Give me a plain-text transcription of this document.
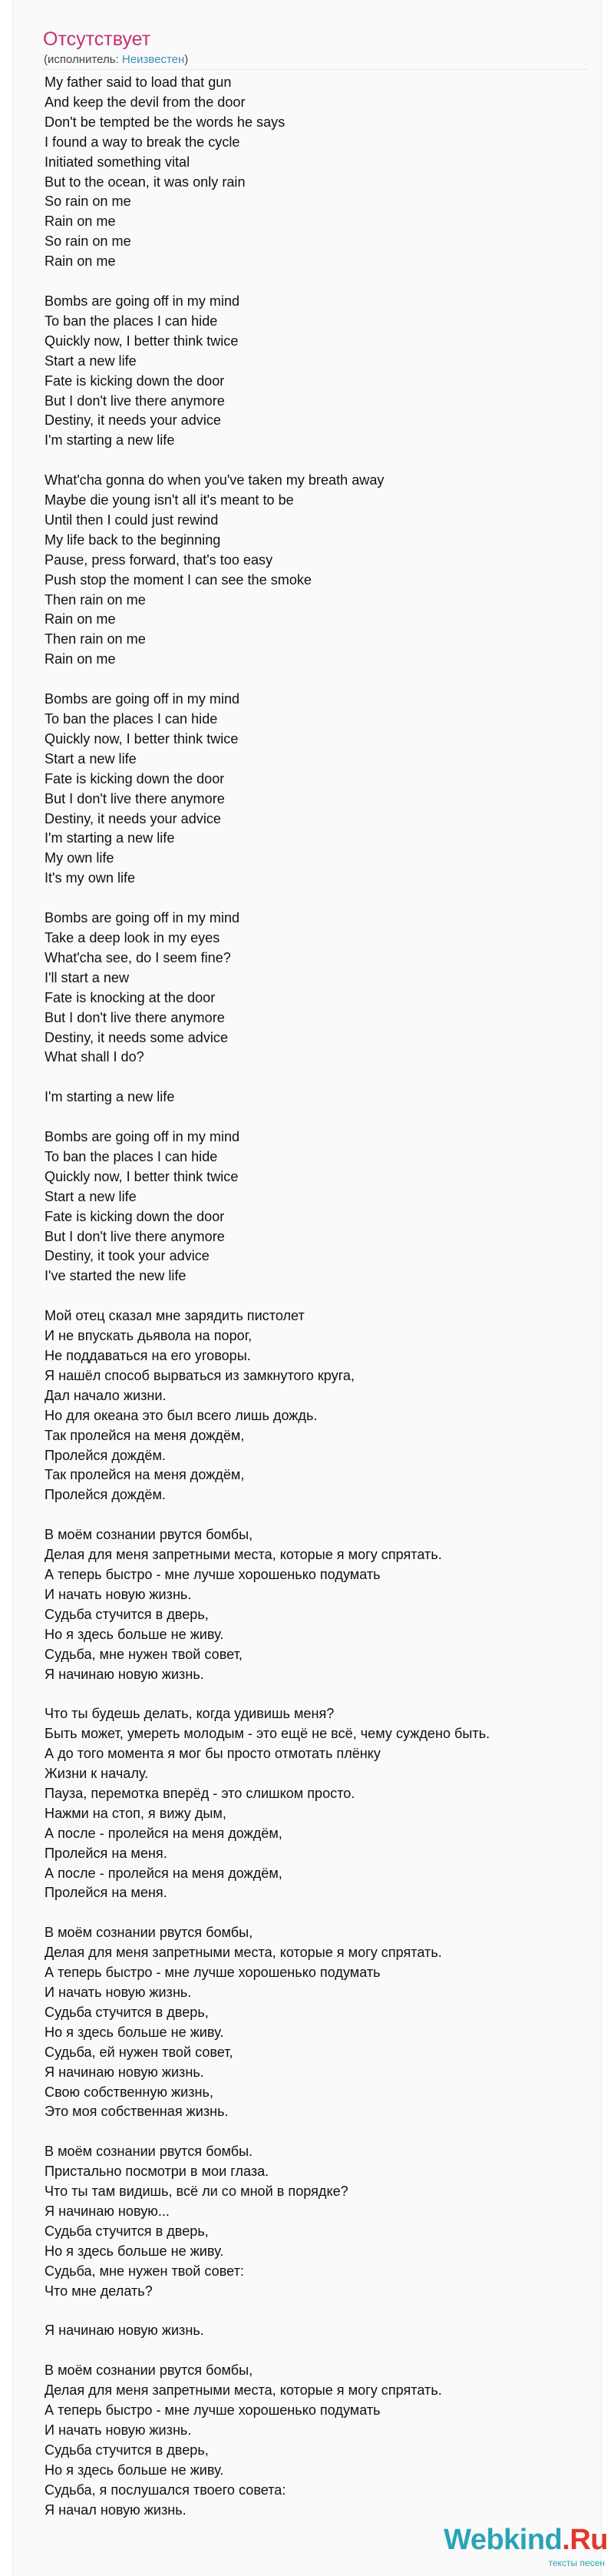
Отсутствует
(исполнитель: Неизвестен)
My father said to load that gun
And keep the devil from the door
Don't be tempted be the words he says
I found a way to break the cycle
Initiated something vital
But to the ocean, it was only rain
So rain on me
Rain on me
So rain on me
Rain on me

Bombs are going off in my mind
To ban the places I can hide
Quickly now, I better think twice
Start a new life
Fate is kicking down the door
But I don't live there anymore
Destiny, it needs your advice
I'm starting a new life

What'cha gonna do when you've taken my breath away
Maybe die young isn't all it's meant to be
Until then I could just rewind
My life back to the beginning
Pause, press forward, that's too easy
Push stop the moment I can see the smoke
Then rain on me
Rain on me
Then rain on me
Rain on me

Bombs are going off in my mind
To ban the places I can hide
Quickly now, I better think twice
Start a new life
Fate is kicking down the door
But I don't live there anymore
Destiny, it needs your advice
I'm starting a new life
My own life
It's my own life

Bombs are going off in my mind
Take a deep look in my eyes
What'cha see, do I seem fine?
I'll start a new
Fate is knocking at the door
But I don't live there anymore
Destiny, it needs some advice
What shall I do?

I'm starting a new life

Bombs are going off in my mind
To ban the places I can hide
Quickly now, I better think twice
Start a new life
Fate is kicking down the door
But I don't live there anymore
Destiny, it took your advice
I've started the new life

Мой отец сказал мне зарядить пистолет
И не впускать дьявола на порог,
Не поддаваться на его уговоры.
Я нашёл способ вырваться из замкнутого круга,
Дал начало жизни.
Но для океана это был всего лишь дождь.
Так пролейся на меня дождём,
Пролейся дождём.
Так пролейся на меня дождём,
Пролейся дождём.

В моём сознании рвутся бомбы,
Делая для меня запретными места, которые я могу спрятать.
А теперь быстро - мне лучше хорошенько подумать
И начать новую жизнь.
Судьба стучится в дверь,
Но я здесь больше не живу.
Судьба, мне нужен твой совет,
Я начинаю новую жизнь.

Что ты будешь делать, когда удивишь меня?
Быть может, умереть молодым - это ещё не всё, чему суждено быть.
А до того момента я мог бы просто отмотать плёнку
Жизни к началу.
Пауза, перемотка вперёд - это слишком просто.
Нажми на стоп, я вижу дым,
А после - пролейся на меня дождём,
Пролейся на меня.
А после - пролейся на меня дождём,
Пролейся на меня.

В моём сознании рвутся бомбы,
Делая для меня запретными места, которые я могу спрятать.
А теперь быстро - мне лучше хорошенько подумать
И начать новую жизнь.
Судьба стучится в дверь,
Но я здесь больше не живу.
Судьба, ей нужен твой совет,
Я начинаю новую жизнь.
Свою собственную жизнь,
Это моя собственная жизнь.

В моём сознании рвутся бомбы.
Пристально посмотри в мои глаза.
Что ты там видишь, всё ли со мной в порядке?
Я начинаю новую...
Судьба стучится в дверь,
Но я здесь больше не живу.
Судьба, мне нужен твой совет:
Что мне делать?

Я начинаю новую жизнь.

В моём сознании рвутся бомбы,
Делая для меня запретными места, которые я могу спрятать.
А теперь быстро - мне лучше хорошенько подумать
И начать новую жизнь.
Судьба стучится в дверь,
Но я здесь больше не живу.
Судьба, я послушался твоего совета:
Я начал новую жизнь.
Webkind.Ru
тексты песен
